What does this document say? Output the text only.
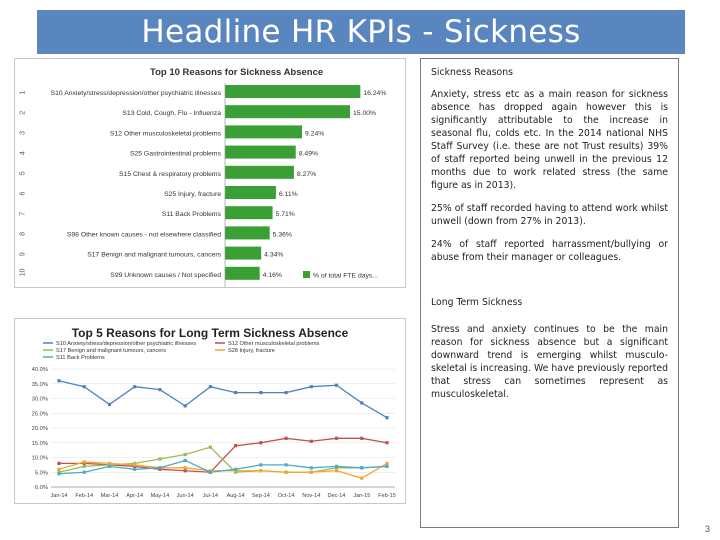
Headline HR KPIs - Sickness
Top 10 Reasons for Sickness Absence
1	S10 Anxiety/stress/depression/other psychiatric illnesses	16.24%
2	S13 Cold, Cough, Flu - Influenza	15.00%
3	S12 Other musculoskeletal problems	9.24%
4	S25 Gastrointestinal problems	8.49%
5	S15 Chest & respiratory problems	8.27%
6	S25 Injury, fracture	6.11%
7	S11 Back Problems	5.71%
8	S98 Other known causes - not elsewhere classified	5.36%
9	S17 Benign and malignant tumours, cancers	4.34%
10	S99 Unknown causes / Not specified	4.16%	% of total FTE days...
Top 5 Reasons for Long Term Sickness Absence
S10 Anxiety/stress/depression/other psychiatric illnesses	S12 Other musculoskeletal problems
S17 Benign and malignant tumours, cancers	S28 Injury, fracture
S11 Back Problems
0.0%
5.0%
10.0%
15.0%
20.0%
25.0%
30.0%
35.0%
40.0%
Jan-14 Feb-14 Mar-14 Apr-14 May-14 Jun-14 Jul-14 Aug-14 Sep-14 Oct-14 Nov-14 Dec-14 Jan-15 Feb-15
Sickness Reasons

Anxiety, stress etc as a main reason for sickness absence has dropped again however this is significantly attributable to the increase in seasonal flu, colds etc. In the 2014 national NHS Staff Survey (i.e. these are not Trust results) 39% of staff reported being unwell in the previous 12 months due to work related stress (the same figure as in 2013).

25% of staff recorded having to attend work whilst unwell (down from 27% in 2013).

24% of staff reported harrassment/bullying or abuse from their manager or colleagues.

Long Term Sickness

Stress and anxiety continues to be the main reason for sickness absence but a significant downward trend is emerging whilst musculo-skeletal is increasing. We have previously reported that stress can sometimes represent as musculoskeletal.

3
